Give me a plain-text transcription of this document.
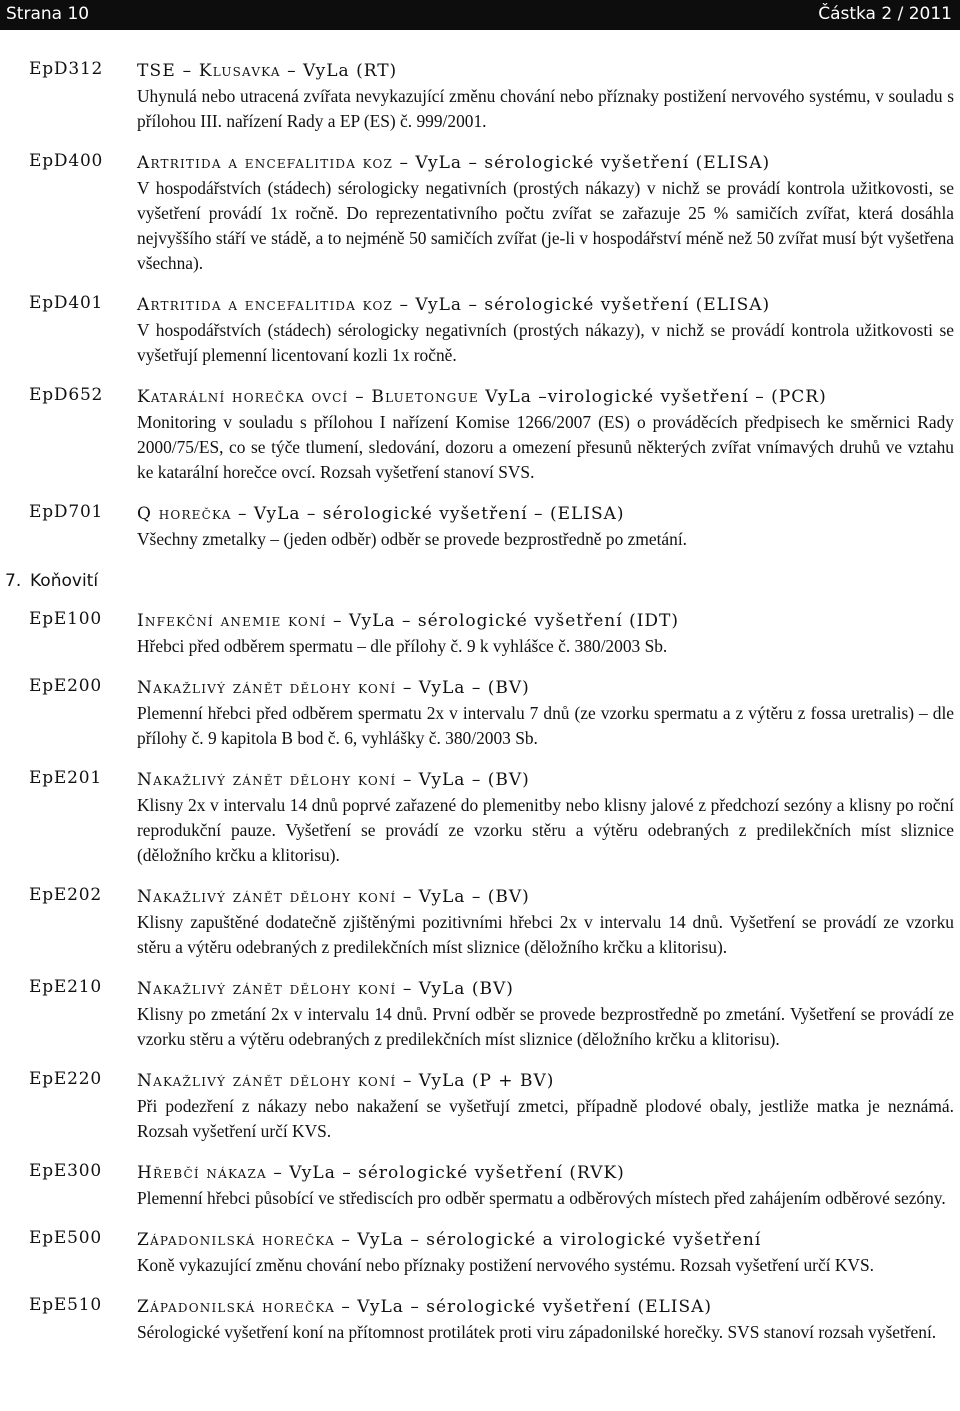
Strana 10	Částka 2 / 2011
EpD312 TSE – Klusavka – VyLa (RT)
Uhynulá nebo utracená zvířata nevykazující změnu chování nebo příznaky postižení nervového systému, v souladu s přílohou III. nařízení Rady a EP (ES) č. 999/2001.
EpD400 Artritida a encefalitida koz – VyLa – sérologické vyšetření (ELISA)
V hospodářstvích (stádech) sérologicky negativních (prostých nákazy) v nichž se provádí kontrola užitkovosti, se vyšetření provádí 1x ročně. Do reprezentativního počtu zvířat se zařazuje 25 % samičích zvířat, která dosáhla nejvyššího stáří ve stádě, a to nejméně 50 samičích zvířat (je-li v hospodářství méně než 50 zvířat musí být vyšetřena všechna).
EpD401 Artritida a encefalitida koz – VyLa – sérologické vyšetření (ELISA)
V hospodářstvích (stádech) sérologicky negativních (prostých nákazy), v nichž se provádí kontrola užitkovosti se vyšetřují plemenní licentovaní kozli 1x ročně.
EpD652 Katarální horečka ovcí – Bluetongue VyLa –virologické vyšetření – (PCR)
Monitoring v souladu s přílohou I nařízení Komise 1266/2007 (ES) o prováděcích předpisech ke směrnici Rady 2000/75/ES, co se týče tlumení, sledování, dozoru a omezení přesunů některých zvířat vnímavých druhů ve vztahu ke katarální horečce ovcí. Rozsah vyšetření stanoví SVS.
EpD701 Q horečka – VyLa – sérologické vyšetření – (ELISA)
Všechny zmetalky – (jeden odběr) odběr se provede bezprostředně po zmetání.
7. Koňovití
EpE100 Infekční anemie koní – VyLa – sérologické vyšetření (IDT)
Hřebci před odběrem spermatu – dle přílohy č. 9 k vyhlášce č. 380/2003 Sb.
EpE200 Nakažlivý zánět dělohy koní – VyLa – (BV)
Plemenní hřebci před odběrem spermatu 2x v intervalu 7 dnů (ze vzorku spermatu a z výtěru z fossa uretralis) – dle přílohy č. 9 kapitola B bod č. 6, vyhlášky č. 380/2003 Sb.
EpE201 Nakažlivý zánět dělohy koní – VyLa – (BV)
Klisny 2x v intervalu 14 dnů poprvé zařazené do plemenitby nebo klisny jalové z předchozí sezóny a klisny po roční reprodukční pauze. Vyšetření se provádí ze vzorku stěru a výtěru odebraných z predilekčních míst sliznice (děložního krčku a klitorisu).
EpE202 Nakažlivý zánět dělohy koní – VyLa – (BV)
Klisny zapuštěné dodatečně zjištěnými pozitivními hřebci 2x v intervalu 14 dnů. Vyšetření se provádí ze vzorku stěru a výtěru odebraných z predilekčních míst sliznice (děložního krčku a klitorisu).
EpE210 Nakažlivý zánět dělohy koní – VyLa (BV)
Klisny po zmetání 2x v intervalu 14 dnů. První odběr se provede bezprostředně po zmetání. Vyšetření se provádí ze vzorku stěru a výtěru odebraných z predilekčních míst sliznice (děložního krčku a klitorisu).
EpE220 Nakažlivý zánět dělohy koní – VyLa (P + BV)
Při podezření z nákazy nebo nakažení se vyšetřují zmetci, případně plodové obaly, jestliže matka je neznámá. Rozsah vyšetření určí KVS.
EpE300 Hřebčí nákaza – VyLa – sérologické vyšetření (RVK)
Plemenní hřebci působící ve střediscích pro odběr spermatu a odběrových místech před zahájením odběrové sezóny.
EpE500 Západonilská horečka – VyLa – sérologické a virologické vyšetření
Koně vykazující změnu chování nebo příznaky postižení nervového systému. Rozsah vyšetření určí KVS.
EpE510 Západonilská horečka – VyLa – sérologické vyšetření (ELISA)
Sérologické vyšetření koní na přítomnost protilátek proti viru západonilské horečky. SVS stanoví rozsah vyšetření.
